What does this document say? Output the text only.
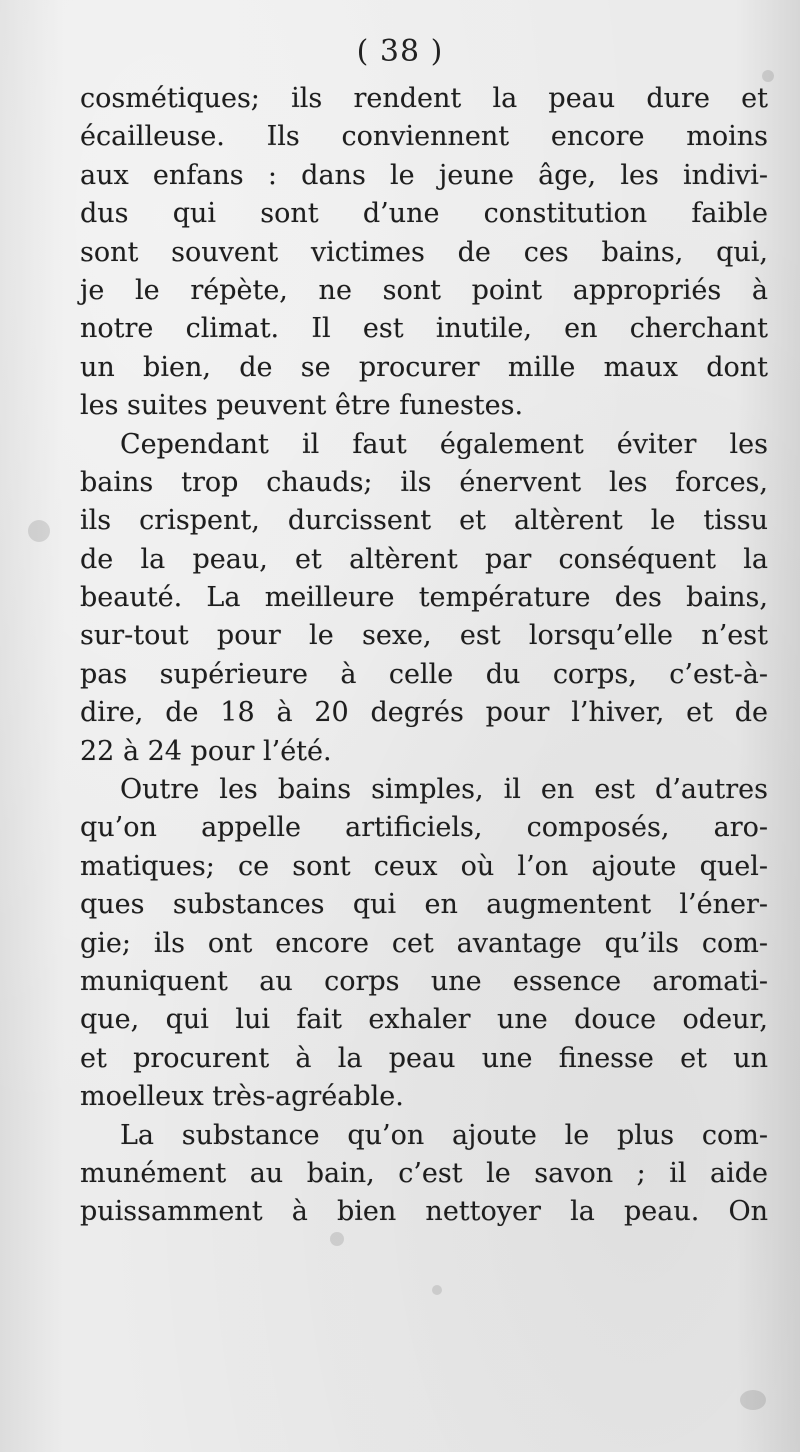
( 38 )
cosmétiques; ils rendent la peau dure et
écailleuse. Ils conviennent encore moins
aux enfans : dans le jeune âge, les indivi-
dus qui sont d’une constitution faible
sont souvent victimes de ces bains, qui,
je le répète, ne sont point appropriés à
notre climat. Il est inutile, en cherchant
un bien, de se procurer mille maux dont
les suites peuvent être funestes.
Cependant il faut également éviter les
bains trop chauds; ils énervent les forces,
ils crispent, durcissent et altèrent le tissu
de la peau, et altèrent par conséquent la
beauté. La meilleure température des bains,
sur-tout pour le sexe, est lorsqu’elle n’est
pas supérieure à celle du corps, c’est-à-
dire, de 18 à 20 degrés pour l’hiver, et de
22 à 24 pour l’été.
Outre les bains simples, il en est d’autres
qu’on appelle artificiels, composés, aro-
matiques; ce sont ceux où l’on ajoute quel-
ques substances qui en augmentent l’éner-
gie; ils ont encore cet avantage qu’ils com-
muniquent au corps une essence aromati-
que, qui lui fait exhaler une douce odeur,
et procurent à la peau une finesse et un
moelleux très-agréable.
La substance qu’on ajoute le plus com-
munément au bain, c’est le savon ; il aide
puissamment à bien nettoyer la peau. On
